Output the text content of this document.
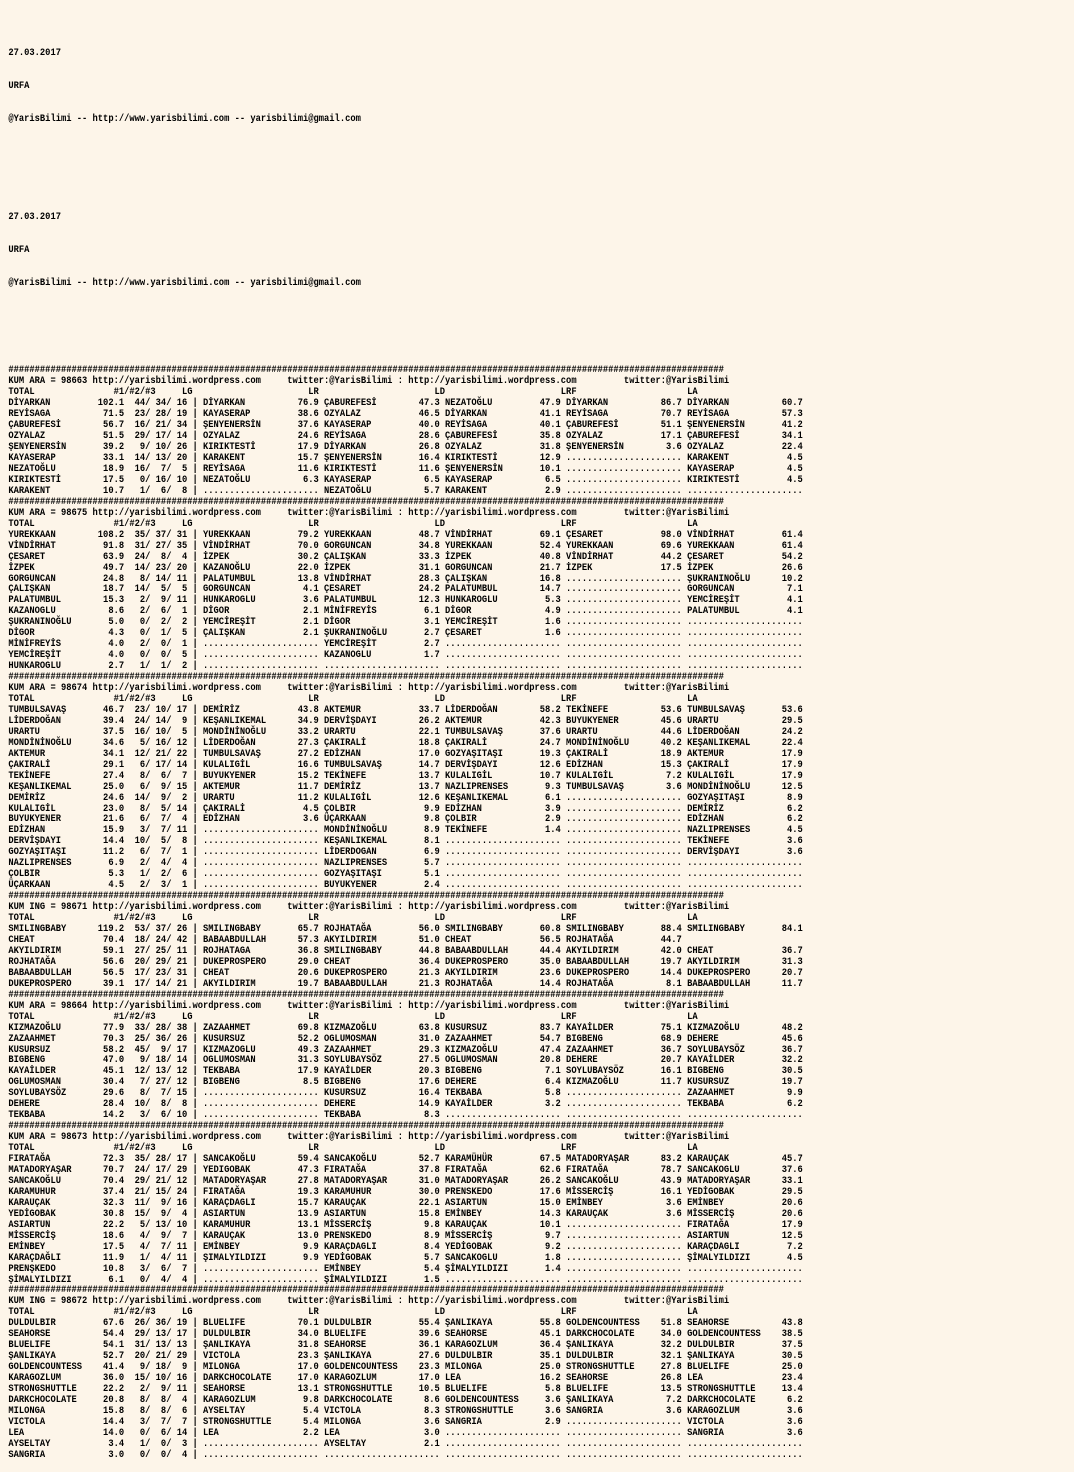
27.03.2017

URFA

@YarisBilimi -- http://www.yarisbilimi.com -- yarisbilimi@gmail.com

27.03.2017

URFA

@YarisBilimi -- http://www.yarisbilimi.com -- yarisbilimi@gmail.com

########################################################################################################################################
KUM ARA = 98663 http://yarisbilimi.wordpress.com     twitter:@YarisBilimi : http://yarisbilimi.wordpress.com         twitter:@YarisBilimi
TOTAL               #1/#2/#3     LG                      LR                      LD                      LRF                     LA
DİYARKAN         102.1  44/ 34/ 16 | DİYARKAN          76.9 ÇABUREFESİ        47.3 NEZATOĞLU         47.9 DİYARKAN          86.7 DİYARKAN          60.7
REYİSAGA          71.5  23/ 28/ 19 | KAYASERAP         38.6 OZYALAZ           46.5 DİYARKAN          41.1 REYİSAGA          70.7 REYİSAGA          57.3
ÇABUREFESİ        56.7  16/ 21/ 34 | ŞENYENERSİN       37.6 KAYASERAP         40.0 REYİSAGA          40.1 ÇABUREFESİ        51.1 ŞENYENERSİN       41.2
OZYALAZ           51.5  29/ 17/ 14 | OZYALAZ           24.6 REYİSAGA          28.6 ÇABUREFESİ        35.8 OZYALAZ           17.1 ÇABUREFESİ        34.1
ŞENYENERSİN       39.2   9/ 10/ 26 | KIRIKTESTİ        17.9 DİYARKAN          26.8 OZYALAZ           31.8 ŞENYENERSİN        3.6 OZYALAZ           22.4
KAYASERAP         33.1  14/ 13/ 20 | KARAKENT          15.7 ŞENYENERSİN       16.4 KIRIKTESTİ        12.9 ...................... KARAKENT           4.5
NEZATOĞLU         18.9  16/  7/  5 | REYİSAGA          11.6 KIRIKTESTİ        11.6 ŞENYENERSİN       10.1 ...................... KAYASERAP          4.5
KIRIKTESTİ        17.5   0/ 16/ 10 | NEZATOĞLU          6.3 KAYASERAP          6.5 KAYASERAP          6.5 ...................... KIRIKTESTİ         4.5
KARAKENT          10.7   1/  6/  8 | ...................... NEZATOĞLU          5.7 KARAKENT           2.9 ...................... ......................
########################################################################################################################################
KUM ARA = 98675 http://yarisbilimi.wordpress.com     twitter:@YarisBilimi : http://yarisbilimi.wordpress.com         twitter:@YarisBilimi
TOTAL               #1/#2/#3     LG                      LR                      LD                      LRF                     LA
YUREKKAAN        108.2  35/ 37/ 31 | YUREKKAAN         79.2 YUREKKAAN         48.7 VİNDİRHAT         69.1 ÇESARET           98.0 VİNDİRHAT         61.4
VİNDİRHAT         91.8  31/ 27/ 35 | VİNDİRHAT         70.0 GORGUNCAN         34.8 YUREKKAAN         52.4 YUREKKAAN         69.6 YUREKKAAN         61.4
ÇESARET           63.9  24/  8/  4 | İZPEK             30.2 ÇALIŞKAN          33.3 İZPEK             40.8 VİNDİRHAT         44.2 ÇESARET           54.2
İZPEK             49.7  14/ 23/ 20 | KAZANOĞLU         22.0 İZPEK             31.1 GORGUNCAN         21.7 İZPEK             17.5 İZPEK             26.6
GORGUNCAN         24.8   8/ 14/ 11 | PALATUMBUL        13.8 VİNDİRHAT         28.3 ÇALIŞKAN          16.8 ...................... ŞUKRANINOĞLU      10.2
ÇALIŞKAN          18.7  14/  5/  5 | GORGUNCAN          4.1 ÇESARET           24.2 PALATUMBUL        14.7 ...................... GORGUNCAN          7.1
PALATUMBUL        15.3   2/  9/ 11 | HUNKAROGLU         3.6 PALATUMBUL        12.3 HUNKAROGLU         5.3 ...................... YEMCİREŞİT         4.1
KAZANOGLU          8.6   2/  6/  1 | DİGOR              2.1 MİNİFREYİS         6.1 DİGOR              4.9 ...................... PALATUMBUL         4.1
ŞUKRANINOĞLU       5.0   0/  2/  2 | YEMCİREŞİT         2.1 DİGOR              3.1 YEMCİREŞİT         1.6 ...................... ......................
DİGOR              4.3   0/  1/  5 | ÇALIŞKAN           2.1 ŞUKRANINOĞLU       2.7 ÇESARET            1.6 ...................... ......................
MİNİFREYİS         4.0   2/  0/  1 | ...................... YEMCİREŞİT         2.7 ...................... ...................... ......................
YEMCİREŞİT         4.0   0/  0/  5 | ...................... KAZANOGLU          1.7 ...................... ...................... ......................
HUNKAROGLU         2.7   1/  1/  2 | ...................... ...................... ...................... ...................... ......................
########################################################################################################################################
KUM ARA = 98674 http://yarisbilimi.wordpress.com     twitter:@YarisBilimi : http://yarisbilimi.wordpress.com         twitter:@YarisBilimi
TOTAL               #1/#2/#3     LG                      LR                      LD                      LRF                     LA
TUMBULSAVAŞ       46.7  23/ 10/ 17 | DEMİRİZ           43.8 AKTEMUR           33.7 LİDERDOĞAN        58.2 TEKİNEFE          53.6 TUMBULSAVAŞ       53.6
LİDERDOĞAN        39.4  24/ 14/  9 | KEŞANLIKEMAL      34.9 DERVİŞDAYI        26.2 AKTEMUR           42.3 BUYUKYENER        45.6 URARTU            29.5
URARTU            37.5  16/ 10/  5 | MONDİNİNOĞLU      33.2 URARTU            22.1 TUMBULSAVAŞ       37.6 URARTU            44.6 LİDERDOĞAN        24.2
MONDİNİNOĞLU      34.6   5/ 16/ 12 | LİDERDOĞAN        27.3 ÇAKIRALİ          18.8 ÇAKIRALİ          24.7 MONDİNİNOĞLU      40.2 KEŞANLIKEMAL      22.4
AKTEMUR           34.1  12/ 21/ 22 | TUMBULSAVAŞ       27.2 EDİZHAN           17.0 GOZYAŞITAŞI       19.3 ÇAKIRALİ          18.9 AKTEMUR           17.9
ÇAKIRALİ          29.1   6/ 17/ 14 | KULALIGİL         16.6 TUMBULSAVAŞ       14.7 DERVİŞDAYI        12.6 EDİZHAN           15.3 ÇAKIRALİ          17.9
TEKİNEFE          27.4   8/  6/  7 | BUYUKYENER        15.2 TEKİNEFE          13.7 KULALIGİL         10.7 KULALIGİL          7.2 KULALIGİL         17.9
KEŞANLIKEMAL      25.0   6/  9/ 15 | AKTEMUR           11.7 DEMİRİZ           13.7 NAZLIPRENSES       9.3 TUMBULSAVAŞ        3.6 MONDİNİNOĞLU      12.5
DEMİRİZ           24.6  14/  9/  2 | URARTU            11.2 KULALIGİL         12.6 KEŞANLIKEMAL       6.1 ...................... GOZYAŞITAŞI        8.9
KULALIGİL         23.0   8/  5/ 14 | ÇAKIRALİ           4.5 ÇOLBIR             9.9 EDİZHAN            3.9 ...................... DEMİRİZ            6.2
BUYUKYENER        21.6   6/  7/  4 | EDİZHAN            3.6 ÜÇARKAAN           9.8 ÇOLBIR             2.9 ...................... EDİZHAN            6.2
EDİZHAN           15.9   3/  7/ 11 | ...................... MONDİNİNOĞLU       8.9 TEKİNEFE           1.4 ...................... NAZLIPRENSES       4.5
DERVİŞDAYI        14.4  10/  5/  8 | ...................... KEŞANLIKEMAL       8.1 ...................... ...................... TEKİNEFE           3.6
GOZYAŞITAŞI       11.2   6/  7/  1 | ...................... LİDERDOGAN         6.9 ...................... ...................... DERVİŞDAYI         3.6
NAZLIPRENSES       6.9   2/  4/  4 | ...................... NAZLIPRENSES       5.7 ...................... ...................... ......................
ÇOLBIR             5.3   1/  2/  6 | ...................... GOZYAŞITAŞI        5.1 ...................... ...................... ......................
ÜÇARKAAN           4.5   2/  3/  1 | ...................... BUYUKYENER         2.4 ...................... ...................... ......................
########################################################################################################################################
KUM ING = 98671 http://yarisbilimi.wordpress.com     twitter:@YarisBilimi : http://yarisbilimi.wordpress.com         twitter:@YarisBilimi
TOTAL               #1/#2/#3     LG                      LR                      LD                      LRF                     LA
SMILINGBABY      119.2  53/ 37/ 26 | SMILINGBABY       65.7 ROJHATAĞA         56.0 SMILINGBABY       60.8 SMILINGBABY       88.4 SMILINGBABY       84.1
CHEAT             70.4  18/ 24/ 42 | BABAABDULLAH      57.3 AKYILDIRIM        51.0 CHEAT             56.5 ROJHATAĞA         44.7
AKYILDIRIM        59.1  27/ 25/ 11 | ROJHATAGA         36.8 SMILINGBABY       44.8 BABAABDULLAH      44.4 AKYILDIRIM        42.0 CHEAT             36.7
ROJHATAĞA         56.6  20/ 29/ 21 | DUKEPROSPERO      29.0 CHEAT             36.4 DUKEPROSPERO      35.0 BABAABDULLAH      19.7 AKYILDIRIM        31.3
BABAABDULLAH      56.5  17/ 23/ 31 | CHEAT             20.6 DUKEPROSPERO      21.3 AKYILDIRIM        23.6 DUKEPROSPERO      14.4 DUKEPROSPERO      20.7
DUKEPROSPERO      39.1  17/ 14/ 21 | AKYILDIRIM        19.7 BABAABDULLAH      21.3 ROJHATAĞA         14.4 ROJHATAĞA          8.1 BABAABDULLAH      11.7
########################################################################################################################################
KUM ARA = 98664 http://yarisbilimi.wordpress.com     twitter:@YarisBilimi : http://yarisbilimi.wordpress.com         twitter:@YarisBilimi
TOTAL               #1/#2/#3     LG                      LR                      LD                      LRF                     LA
KIZMAZOĞLU        77.9  33/ 28/ 38 | ZAZAAHMET         69.8 KIZMAZOĞLU        63.8 KUSURSUZ          83.7 KAYAİLDER         75.1 KIZMAZOĞLU        48.2
ZAZAAHMET         70.3  25/ 36/ 26 | KUSURSUZ          52.2 OGLUMOSMAN        31.0 ZAZAAHMET         54.7 BIGBENG           68.9 DEHERE            45.6
KUSURSUZ          58.2  45/  9/ 17 | KIZMAZOGLU        49.3 ZAZAAHMET         29.3 KIZMAZOĞLU        47.4 ZAZAAHMET         36.7 SOYLUBAYSÖZ       36.7
BIGBENG           47.0   9/ 18/ 14 | OGLUMOSMAN        31.3 SOYLUBAYSÖZ       27.5 OGLUMOSMAN        20.8 DEHERE            20.7 KAYAİLDER         32.2
KAYAİLDER         45.1  12/ 13/ 12 | TEKBABA           17.9 KAYAİLDER         20.3 BIGBENG            7.1 SOYLUBAYSÖZ       16.1 BIGBENG           30.5
OGLUMOSMAN        30.4   7/ 27/ 12 | BIGBENG            8.5 BIGBENG           17.6 DEHERE             6.4 KIZMAZOĞLU        11.7 KUSURSUZ          19.7
SOYLUBAYSÖZ       29.6   8/  7/ 15 | ...................... KUSURSUZ          16.4 TEKBABA            5.8 ...................... ZAZAAHMET          9.9
DEHERE            28.4  10/  8/  8 | ...................... DEHERE            14.9 KAYAİLDER          3.2 ...................... TEKBABA            6.2
TEKBABA           14.2   3/  6/ 10 | ...................... TEKBABA            8.3 ...................... ...................... ......................
########################################################################################################################################
KUM ARA = 98673 http://yarisbilimi.wordpress.com     twitter:@YarisBilimi : http://yarisbilimi.wordpress.com         twitter:@YarisBilimi
TOTAL               #1/#2/#3     LG                      LR                      LD                      LRF                     LA
FIRATAĞA          72.3  35/ 28/ 17 | SANCAKOĞLU        59.4 SANCAKOĞLU        52.7 KARAMÜHÜR         67.5 MATADORYAŞAR      83.2 KARAUÇAK          45.7
MATADORYAŞAR      70.7  24/ 17/ 29 | YEDIGOBAK         47.3 FIRATAĞA          37.8 FIRATAĞA          62.6 FIRATAĞA          78.7 SANCAKOGLU        37.6
SANCAKOĞLU        70.4  29/ 21/ 12 | MATADORYAŞAR      27.8 MATADORYAŞAR      31.0 MATADORYAŞAR      26.2 SANCAKOĞLU        43.9 MATADORYAŞAR      33.1
KARAMUHUR         37.4  21/ 15/ 24 | FIRATAĞA          19.3 KARAMUHUR         30.0 PRENSKEDO         17.6 MİSSERCİŞ         16.1 YEDİGOBAK         29.5
KARAUÇAK          32.3  11/  9/ 16 | KARAÇDAGLI        15.7 KARAUÇAK          22.1 ASIARTUN          15.0 EMİNBEY            3.6 EMİNBEY           20.6
YEDİGOBAK         30.8  15/  9/  4 | ASIARTUN          13.9 ASIARTUN          15.8 EMİNBEY           14.3 KARAUÇAK           3.6 MİSSERCİŞ         20.6
ASIARTUN          22.2   5/ 13/ 10 | KARAMUHUR         13.1 MİSSERCİŞ          9.8 KARAUÇAK          10.1 ...................... FIRATAĞA          17.9
MİSSERCİŞ         18.6   4/  9/  7 | KARAUÇAK          13.0 PRENSKEDO          8.9 MİSSERCİŞ          9.7 ...................... ASIARTUN          12.5
EMİNBEY           17.5   4/  7/ 11 | EMİNBEY            9.9 KARAÇDAGLI         8.4 YEDİGOBAK          9.2 ...................... KARAÇDAGLI         7.2
KARAÇDAĞLI        11.9   1/  4/ 11 | ŞIMALYILDIZI       9.9 YEDİGOBAK          5.7 SANCAKOGLU         1.8 ...................... ŞİMALYILDIZI       4.5
PRENŞKEDO         10.8   3/  6/  7 | ...................... EMİNBEY            5.4 ŞİMALYILDIZI       1.4 ...................... ......................
ŞİMALYILDIZI       6.1   0/  4/  4 | ...................... ŞİMALYILDIZI       1.5 ...................... ...................... ......................
########################################################################################################################################
KUM ING = 98672 http://yarisbilimi.wordpress.com     twitter:@YarisBilimi : http://yarisbilimi.wordpress.com         twitter:@YarisBilimi
TOTAL               #1/#2/#3     LG                      LR                      LD                      LRF                     LA
DULDULBIR         67.6  26/ 36/ 19 | BLUELIFE          70.1 DULDULBIR         55.4 ŞANLIKAYA         55.8 GOLDENCOUNTESS    51.8 SEAHORSE          43.8
SEAHORSE          54.4  29/ 13/ 17 | DULDULBIR         34.0 BLUELIFE          39.6 SEAHORSE          45.1 DARKCHOCOLATE     34.0 GOLDENCOUNTESS    38.5
BLUELIFE          54.1  31/ 13/ 13 | ŞANLIKAYA         31.8 SEAHORSE          36.1 KARAGOZLUM        36.4 ŞANLIKAYA         32.2 DULDULBIR         37.5
ŞANLIKAYA         52.7  20/ 21/ 29 | VICTOLA           23.3 ŞANLIKAYA         27.6 DULDULBIR         35.1 DULDULBIR         32.1 ŞANLIKAYA         30.5
GOLDENCOUNTESS    41.4   9/ 18/  9 | MILONGA           17.0 GOLDENCOUNTESS    23.3 MILONGA           25.0 STRONGSHUTTLE     27.8 BLUELIFE          25.0
KARAGOZLUM        36.0  15/ 10/ 16 | DARKCHOCOLATE     17.0 KARAGOZLUM        17.0 LEA               16.2 SEAHORSE          26.8 LEA               23.4
STRONGSHUTTLE     22.2   2/  9/ 11 | SEAHORSE          13.1 STRONGSHUTTLE     10.5 BLUELIFE           5.8 BLUELIFE          13.5 STRONGSHUTTLE     13.4
DARKCHOCOLATE     20.8   8/  8/  4 | KARAGOZLUM         9.8 DARKCHOCOLATE      8.6 GOLDENCOUNTESS     3.6 ŞANLIKAYA          7.2 DARKCHOCOLATE      6.2
MILONGA           15.8   8/  8/  6 | AYSELTAY           5.4 VICTOLA            8.3 STRONGSHUTTLE      3.6 SANGRIA            3.6 KARAGOZLUM         3.6
VICTOLA           14.4   3/  7/  7 | STRONGSHUTTLE      5.4 MILONGA            3.6 SANGRIA            2.9 ...................... VICTOLA            3.6
LEA               14.0   0/  6/ 14 | LEA                2.2 LEA                3.0 ...................... ...................... SANGRIA            3.6
AYSELTAY           3.4   1/  0/  3 | ...................... AYSELTAY           2.1 ...................... ...................... ......................
SANGRIA            3.0   0/  0/  4 | ...................... ...................... ...................... ...................... ......................
